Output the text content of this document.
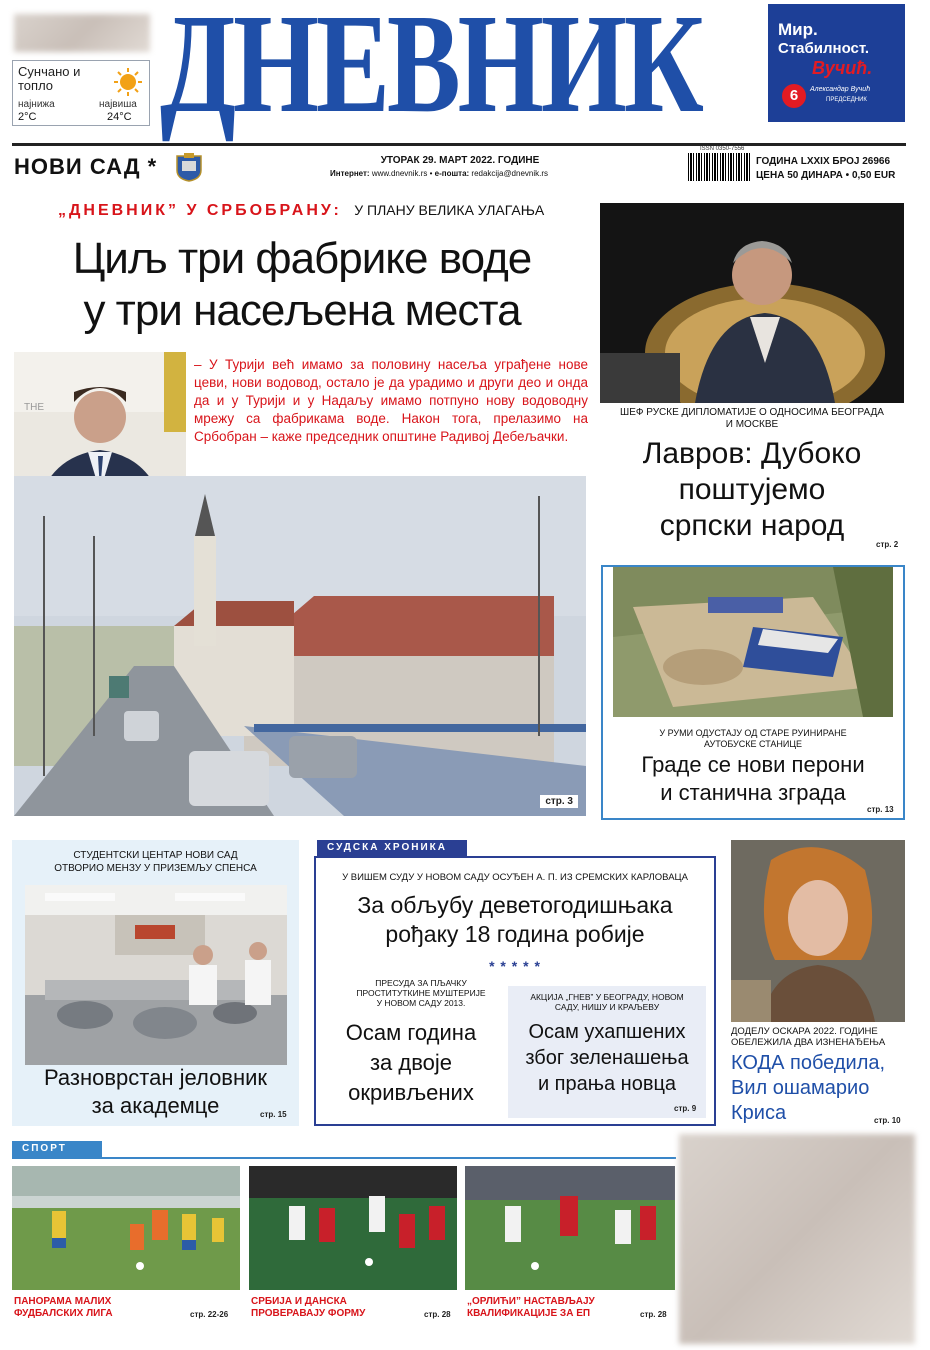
Сунчано и топло
најнижа
2°C
највиша
24°C ДНЕВНИК	Мир.
Стабилност.
Вучић.
6	Александар Вучић
ПРЕДСЕДНИК
НОВИ САД *	УТОРАК 29. МАРТ 2022. ГОДИНЕ
Интернет: www.dnevnik.rs • е-пошта: redakcija@dnevnik.rs
ISSN 0350-7556
ГОДИНА LXXIX БРОЈ 26966
ЦЕНА 50 ДИНАРА • 0,50 EUR
„ДНЕВНИК” У СРБОБРАНУ: У ПЛАНУ ВЕЛИКА УЛАГАЊА
Циљ три фабрике воде
у три насељена места
THE
– У Турији већ имамо за половину насеља уграђене нове цеви, нови водовод, остало је да урадимо и други део и онда да и у Турији и у Надаљу имамо потпуно нову водоводну мрежу са фабрикама воде. Након тога, прелазимо на Србобран – каже председник општине Радивој Дебељачки.
стр. 3
ШЕФ РУСКЕ ДИПЛОМАТИЈЕ О ОДНОСИМА БЕОГРАДА И МОСКВЕ
Лавров: Дубоко
поштујемо
српски народ
стр. 2
У РУМИ ОДУСТАЈУ ОД СТАРЕ РУИНИРАНЕ АУТОБУСКЕ СТАНИЦЕ
Граде се нови перони
и станична зграда
стр. 13
СТУДЕНТСКИ ЦЕНТАР НОВИ САД
ОТВОРИО МЕНЗУ У ПРИЗЕМЉУ СПЕНСА
Разноврстан јеловник
за академце	стр. 15
СУДСКА ХРОНИКА
У ВИШЕМ СУДУ У НОВОМ САДУ ОСУЂЕН А. П. ИЗ СРЕМСКИХ КАРЛОВАЦА
За обљубу деветогодишњака
рођаку 18 година робије
* * * * *
ПРЕСУДА ЗА ПЉАЧКУ ПРОСТИТУТКИНЕ МУШТЕРИЈЕ У НОВОМ САДУ 2013.
Осам година
за двоје
окривљених
АКЦИЈА „ГНЕВ” У БЕОГРАДУ, НОВОМ САДУ, НИШУ И КРАЉЕВУ
Осам ухапшених
због зеленашења
и прања новца
стр. 9
ДОДЕЛУ ОСКАРА 2022. ГОДИНЕ ОБЕЛЕЖИЛА ДВА ИЗНЕНАЂЕЊА
КОДА победила,
Вил ошамарио
Криса	стр. 10
СПОРТ
ПАНОРАМА МАЛИХ
ФУДБАЛСКИХ ЛИГА	стр. 22-26
СРБИЈА И ДАНСКА
ПРОВЕРАВАЈУ ФОРМУ	стр. 28
„ОРЛИЋИ” НАСТАВЉАЈУ
КВАЛИФИКАЦИЈЕ ЗА ЕП	стр. 28
